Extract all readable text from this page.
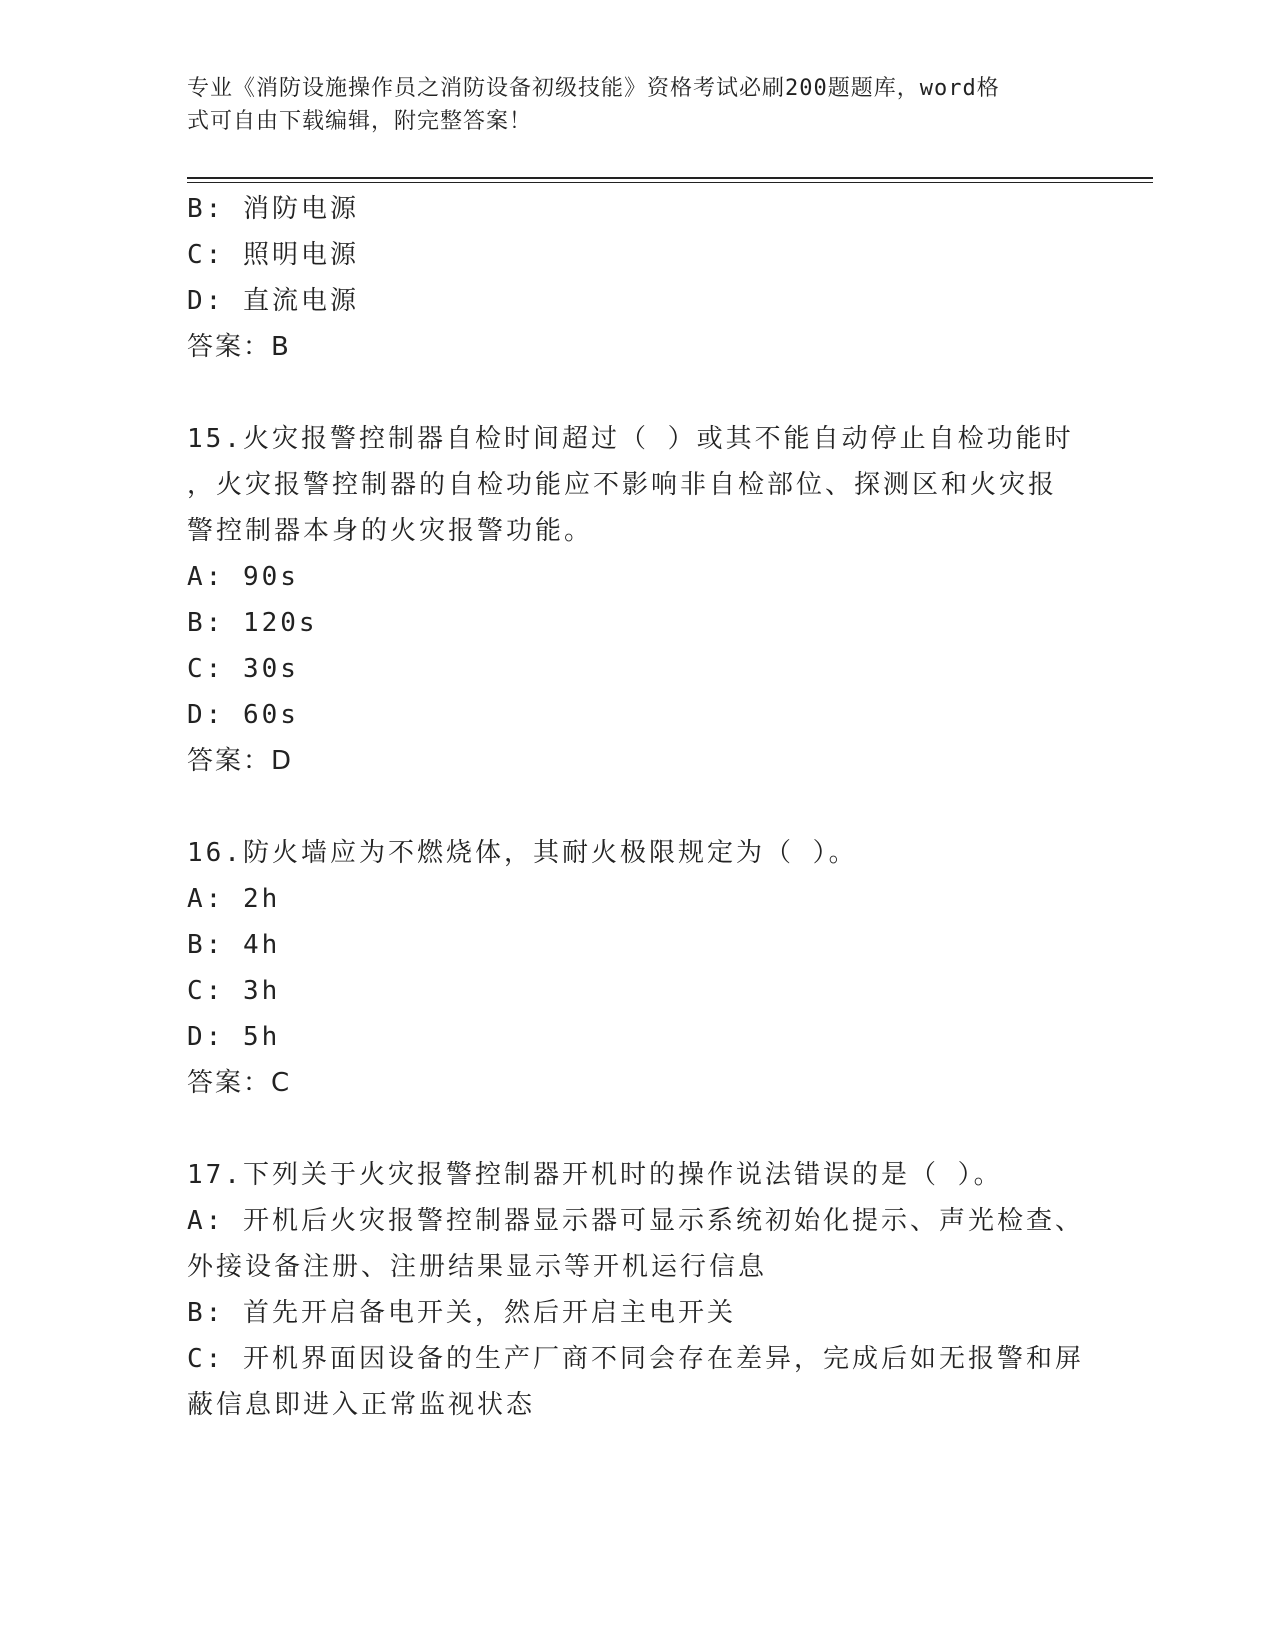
专业《消防设施操作员之消防设备初级技能》资格考试必刷200题题库，word格
式可自由下载编辑，附完整答案！
B: 消防电源
C: 照明电源
D: 直流电源
答案：B
15.火灾报警控制器自检时间超过（ ）或其不能自动停止自检功能时
，火灾报警控制器的自检功能应不影响非自检部位、探测区和火灾报
警控制器本身的火灾报警功能。
A: 90s
B: 120s
C: 30s
D: 60s
答案：D
16.防火墙应为不燃烧体，其耐火极限规定为（ ）。
A: 2h
B: 4h
C: 3h
D: 5h
答案：C
17.下列关于火灾报警控制器开机时的操作说法错误的是（ ）。
A: 开机后火灾报警控制器显示器可显示系统初始化提示、声光检查、
外接设备注册、注册结果显示等开机运行信息
B: 首先开启备电开关，然后开启主电开关
C: 开机界面因设备的生产厂商不同会存在差异，完成后如无报警和屏
蔽信息即进入正常监视状态
